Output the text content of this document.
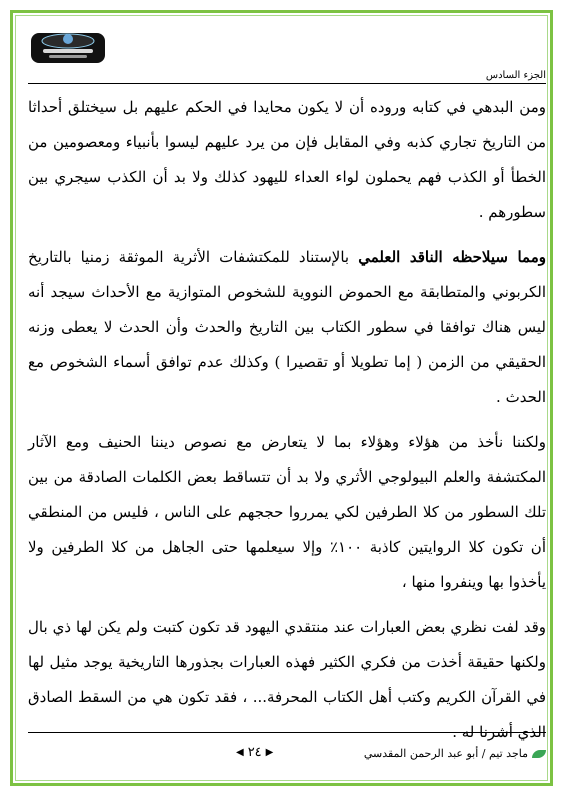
الجزء السادس

ومن البدهي في كتابه وروده أن لا يكون محايدا في الحكم عليهم بل سيختلق أحداثا من التاريخ تجاري كذبه وفي المقابل فإن من يرد عليهم ليسوا بأنبياء ومعصومين من الخطأ أو الكذب فهم يحملون لواء العداء لليهود كذلك ولا بد أن الكذب سيجري بين سطورهم .

ومما سيلاحظه الناقد العلمي بالإستناد للمكتشفات الأثرية الموثقة زمنيا بالتاريخ الكربوني والمتطابقة مع الحموض النووية للشخوص المتوازية مع الأحداث سيجد أنه ليس هناك توافقا في سطور الكتاب بين التاريخ والحدث وأن الحدث لا يعطى وزنه الحقيقي من الزمن ( إما تطويلا أو تقصيرا ) وكذلك عدم توافق أسماء الشخوص مع الحدث .

ولكننا نأخذ من هؤلاء وهؤلاء بما لا يتعارض مع نصوص ديننا الحنيف ومع الآثار المكتشفة والعلم البيولوجي الأثري ولا بد أن تتساقط بعض الكلمات الصادقة من بين تلك السطور من كلا الطرفين لكي يمرروا حججهم على الناس ، فليس من المنطقي أن تكون كلا الروايتين كاذبة ١٠٠٪ وإلا سيعلمها حتى الجاهل من كلا الطرفين ولا يأخذوا بها وينفروا منها ،

وقد لفت نظري بعض العبارات عند منتقدي اليهود قد تكون كتبت ولم يكن لها ذي بال ولكنها حقيقة أخذت من فكري الكثير فهذه العبارات بجذورها التاريخية يوجد مثيل لها في القرآن الكريم وكتب أهل الكتاب المحرفة... ، فقد تكون هي من السقط الصادق الذي أشرنا له .

ماجد تيم / أبو عبد الرحمن المقدسي
◀ ٢٤ ▶
